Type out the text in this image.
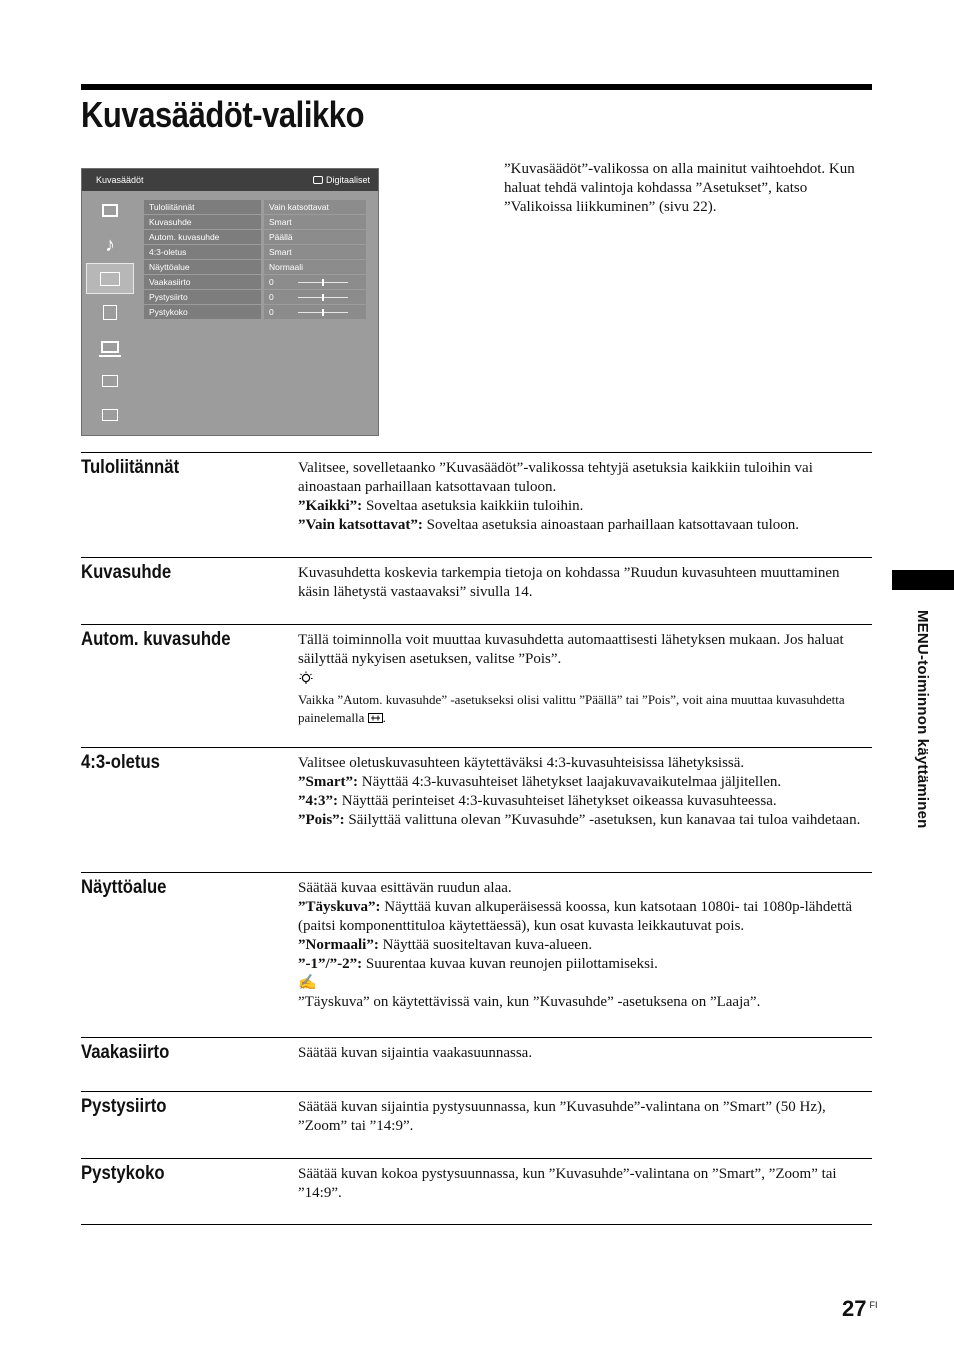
Kuvasäädöt-valikko
Kuvasäädöt	Digitaaliset
♪
Tuloliitännät	Vain katsottavat
Kuvasuhde	Smart
Autom. kuvasuhde	Päällä
4:3-oletus	Smart
Näyttöalue	Normaali
Vaakasiirto	0
Pystysiirto	0
Pystykoko	0
”Kuvasäädöt”-valikossa on alla mainitut vaihtoehdot. Kun haluat tehdä valintoja kohdassa ”Asetukset”, katso ”Valikoissa liikkuminen” (sivu 22).
Tuloliitännät	Valitsee, sovelletaanko ”Kuvasäädöt”-valikossa tehtyjä asetuksia kaikkiin tuloihin vai ainoastaan parhaillaan katsottavaan tuloon.

”Kaikki”: Soveltaa asetuksia kaikkiin tuloihin.

”Vain katsottavat”: Soveltaa asetuksia ainoastaan parhaillaan katsottavaan tuloon.

Kuvasuhde	Kuvasuhdetta koskevia tarkempia tietoja on kohdassa ”Ruudun kuvasuhteen muuttaminen käsin lähetystä vastaavaksi” sivulla 14.

Autom. kuvasuhde	Tällä toiminnolla voit muuttaa kuvasuhdetta automaattisesti lähetyksen mukaan. Jos haluat säilyttää nykyisen asetuksen, valitse ”Pois”.

Vaikka ”Autom. kuvasuhde” -asetukseksi olisi valittu ”Päällä” tai ”Pois”, voit aina muuttaa kuvasuhdetta painelemalla .

4:3-oletus	Valitsee oletuskuvasuhteen käytettäväksi 4:3-kuvasuhteisissa lähetyksissä.

”Smart”: Näyttää 4:3-kuvasuhteiset lähetykset laajakuvavaikutelmaa jäljitellen.

”4:3”: Näyttää perinteiset 4:3-kuvasuhteiset lähetykset oikeassa kuvasuhteessa.

”Pois”: Säilyttää valittuna olevan ”Kuvasuhde” -asetuksen, kun kanavaa tai tuloa vaihdetaan.

Näyttöalue	Säätää kuvaa esittävän ruudun alaa.

”Täyskuva”: Näyttää kuvan alkuperäisessä koossa, kun katsotaan 1080i- tai 1080p-lähdettä (paitsi komponenttituloa käytettäessä), kun osat kuvasta leikkautuvat pois.

”Normaali”: Näyttää suositeltavan kuva-alueen.

”-1”/”-2”: Suurentaa kuvaa kuvan reunojen piilottamiseksi.

✍

”Täyskuva” on käytettävissä vain, kun ”Kuvasuhde” -asetuksena on ”Laaja”.

Vaakasiirto	Säätää kuvan sijaintia vaakasuunnassa.

Pystysiirto	Säätää kuvan sijaintia pystysuunnassa, kun ”Kuvasuhde”-valintana on ”Smart” (50 Hz), ”Zoom” tai ”14:9”.

Pystykoko	Säätää kuvan kokoa pystysuunnassa, kun ”Kuvasuhde”-valintana on ”Smart”, ”Zoom” tai ”14:9”.

MENU-toiminnon käyttäminen
27 $^{FI}$
